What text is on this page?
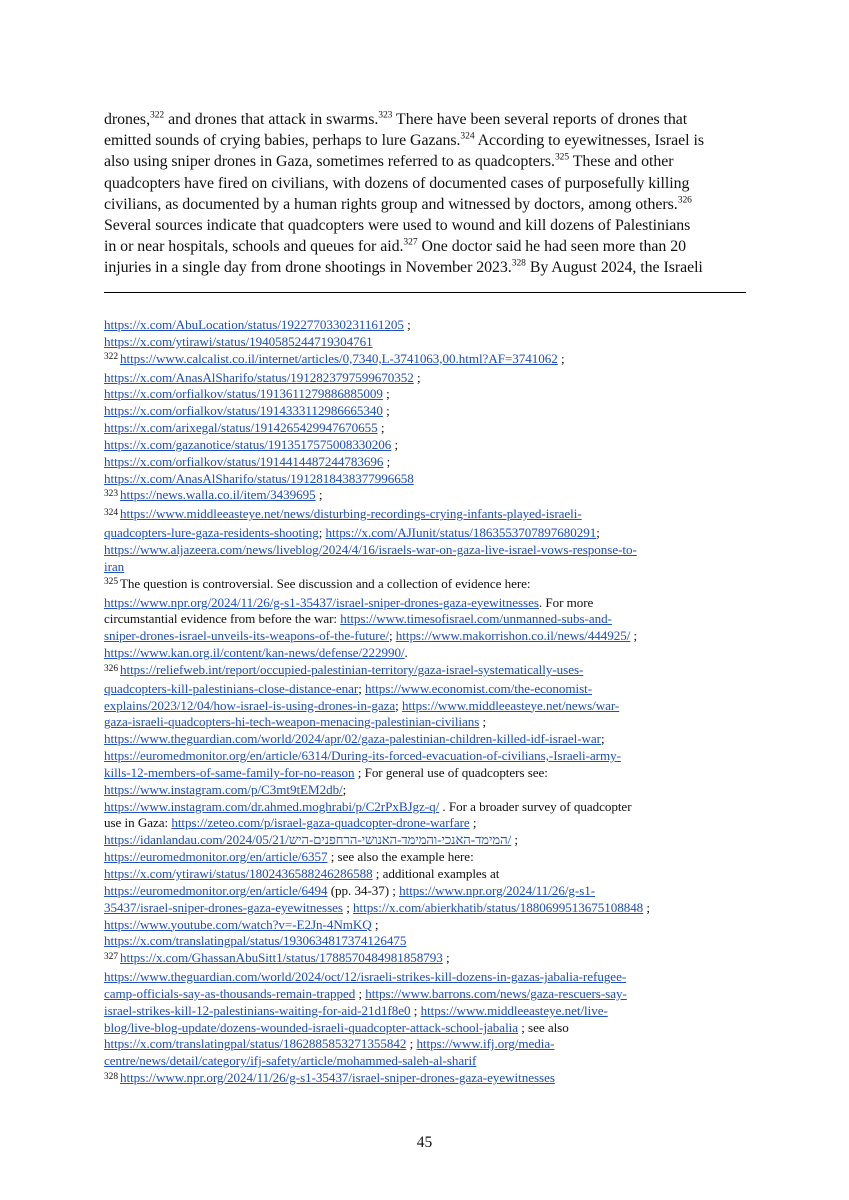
drones,$^{322}$ and drones that attack in swarms.$^{323}$ There have been several reports of drones that
emitted sounds of crying babies, perhaps to lure Gazans.$^{324}$ According to eyewitnesses, Israel is
also using sniper drones in Gaza, sometimes referred to as quadcopters.$^{325}$ These and other
quadcopters have fired on civilians, with dozens of documented cases of purposefully killing
civilians, as documented by a human rights group and witnessed by doctors, among others.$^{326}$
Several sources indicate that quadcopters were used to wound and kill dozens of Palestinians
in or near hospitals, schools and queues for aid.$^{327}$ One doctor said he had seen more than 20
injuries in a single day from drone shootings in November 2023.$^{328}$ By August 2024, the Israeli
https://x.com/AbuLocation/status/1922770330231161205 ;
https://x.com/ytirawi/status/1940585244719304761
$^{322}$ https://www.calcalist.co.il/internet/articles/0,7340,L-3741063,00.html?AF=3741062 ;
https://x.com/AnasAlSharifo/status/1912823797599670352 ;
https://x.com/orfialkov/status/1913611279886885009 ;
https://x.com/orfialkov/status/1914333112986665340 ;
https://x.com/arixegal/status/1914265429947670655 ;
https://x.com/gazanotice/status/1913517575008330206 ;
https://x.com/orfialkov/status/1914414487244783696 ;
https://x.com/AnasAlSharifo/status/1912818438377996658
$^{323}$ https://news.walla.co.il/item/3439695 ;
$^{324}$ https://www.middleeasteye.net/news/disturbing-recordings-crying-infants-played-israeli-
quadcopters-lure-gaza-residents-shooting; https://x.com/AJIunit/status/1863553707897680291;
https://www.aljazeera.com/news/liveblog/2024/4/16/israels-war-on-gaza-live-israel-vows-response-to-
iran
$^{325}$ The question is controversial. See discussion and a collection of evidence here:
https://www.npr.org/2024/11/26/g-s1-35437/israel-sniper-drones-gaza-eyewitnesses. For more
circumstantial evidence from before the war: https://www.timesofisrael.com/unmanned-subs-and-
sniper-drones-israel-unveils-its-weapons-of-the-future/; https://www.makorrishon.co.il/news/444925/ ;
https://www.kan.org.il/content/kan-news/defense/222990/.
$^{326}$ https://reliefweb.int/report/occupied-palestinian-territory/gaza-israel-systematically-uses-
quadcopters-kill-palestinians-close-distance-enar; https://www.economist.com/the-economist-
explains/2023/12/04/how-israel-is-using-drones-in-gaza; https://www.middleeasteye.net/news/war-
gaza-israeli-quadcopters-hi-tech-weapon-menacing-palestinian-civilians ;
https://www.theguardian.com/world/2024/apr/02/gaza-palestinian-children-killed-idf-israel-war;
https://euromedmonitor.org/en/article/6314/During-its-forced-evacuation-of-civilians,-Israeli-army-
kills-12-members-of-same-family-for-no-reason ; For general use of quadcopters see:
https://www.instagram.com/p/C3mt9tEM2db/;
https://www.instagram.com/dr.ahmed.moghrabi/p/C2rPxBJgz-q/ . For a broader survey of quadcopter
use in Gaza: https://zeteo.com/p/israel-gaza-quadcopter-drone-warfare ;
https://idanlandau.com/2024/05/21/המימד-האנכי-והמימד-האנושי-הרחפנים-היש/ ;
https://euromedmonitor.org/en/article/6357 ; see also the example here:
https://x.com/ytirawi/status/1802436588246286588 ; additional examples at
https://euromedmonitor.org/en/article/6494 (pp. 34-37) ; https://www.npr.org/2024/11/26/g-s1-
35437/israel-sniper-drones-gaza-eyewitnesses ; https://x.com/abierkhatib/status/1880699513675108848 ;
https://www.youtube.com/watch?v=-E2Jn-4NmKQ ;
https://x.com/translatingpal/status/1930634817374126475
$^{327}$ https://x.com/GhassanAbuSitt1/status/1788570484981858793 ;
https://www.theguardian.com/world/2024/oct/12/israeli-strikes-kill-dozens-in-gazas-jabalia-refugee-
camp-officials-say-as-thousands-remain-trapped ; https://www.barrons.com/news/gaza-rescuers-say-
israel-strikes-kill-12-palestinians-waiting-for-aid-21d1f8e0 ; https://www.middleeasteye.net/live-
blog/live-blog-update/dozens-wounded-israeli-quadcopter-attack-school-jabalia ; see also
https://x.com/translatingpal/status/1862885853271355842 ; https://www.ifj.org/media-
centre/news/detail/category/ifj-safety/article/mohammed-saleh-al-sharif
$^{328}$ https://www.npr.org/2024/11/26/g-s1-35437/israel-sniper-drones-gaza-eyewitnesses
45
